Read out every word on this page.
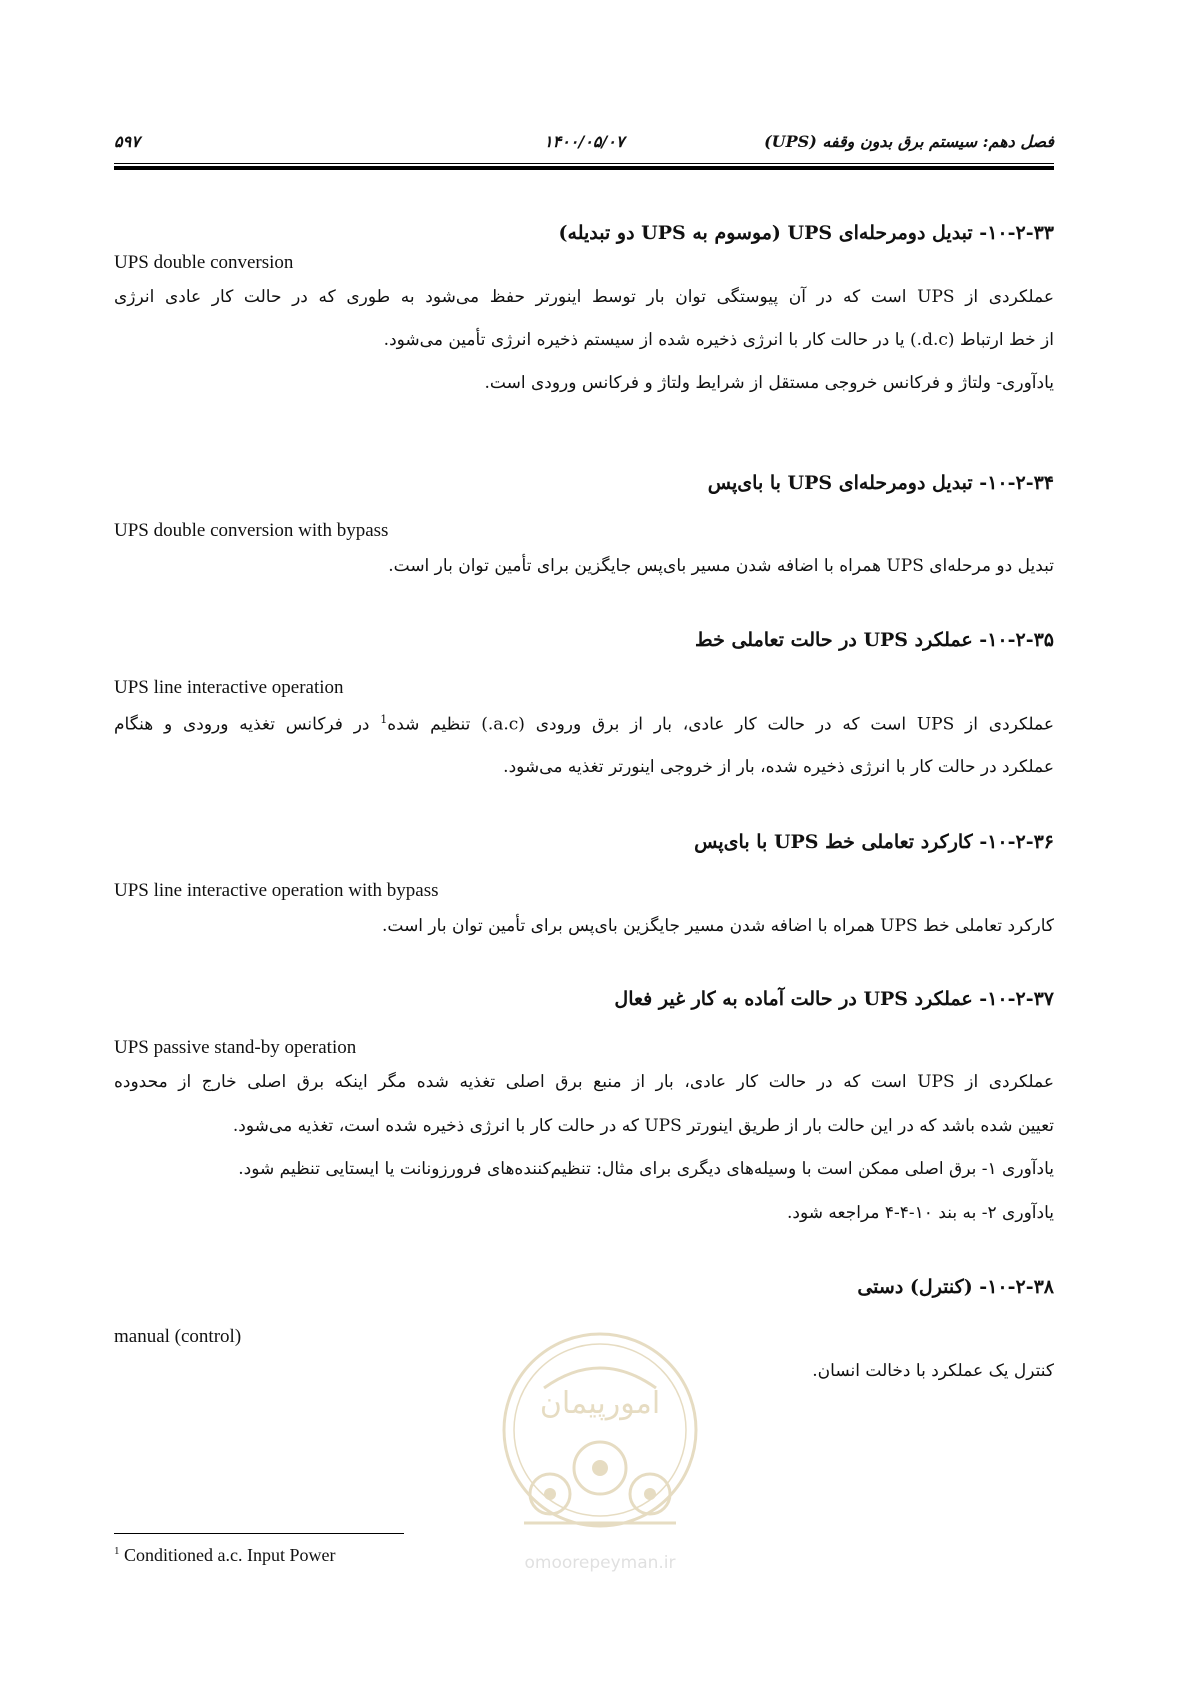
فصل دهم: سیستم برق بدون وقفه (UPS)
۱۴۰۰/۰۵/۰۷
۵۹۷
۱۰-۲-۳۳- تبدیل دومرحله‌ای UPS (موسوم به UPS دو تبدیله)
UPS double conversion
عملکردی از UPS است که در آن پیوستگی توان بار توسط اینورتر حفظ می‌شود به طوری که در حالت کار عادی انرژی
از خط ارتباط (d.c.) یا در حالت کار با انرژی ذخیره شده از سیستم ذخیره انرژی تأمین می‌شود.
یادآوری- ولتاژ و فرکانس خروجی مستقل از شرایط ولتاژ و فرکانس ورودی است.
۱۰-۲-۳۴- تبدیل دومرحله‌ای UPS با بای‌پس
UPS double conversion with bypass
تبدیل دو مرحله‌ای UPS همراه با اضافه شدن مسیر بای‌پس جایگزین برای تأمین توان بار است.
۱۰-۲-۳۵- عملکرد UPS در حالت تعاملی خط
UPS line interactive operation
عملکردی از UPS است که در حالت کار عادی، بار از برق ورودی (a.c.) تنظیم شده$^1$ در فرکانس تغذیه ورودی و هنگام
عملکرد در حالت کار با انرژی ذخیره شده، بار از خروجی اینورتر تغذیه می‌شود.
۱۰-۲-۳۶- کارکرد تعاملی خط UPS با بای‌پس
UPS line interactive operation with bypass
کارکرد تعاملی خط UPS همراه با اضافه شدن مسیر جایگزین بای‌پس برای تأمین توان بار است.
۱۰-۲-۳۷- عملکرد UPS در حالت آماده به کار غیر فعال
UPS passive stand-by operation
عملکردی از UPS است که در حالت کار عادی، بار از منبع برق اصلی تغذیه شده مگر اینکه برق اصلی خارج از محدوده
تعیین شده باشد که در این حالت بار از طریق اینورتر UPS که در حالت کار با انرژی ذخیره شده است، تغذیه می‌شود.
یادآوری ۱- برق اصلی ممکن است با وسیله‌های دیگری برای مثال: تنظیم‌کننده‌های فرورزونانت یا ایستایی تنظیم شود.
یادآوری ۲- به بند ۱۰-۴-۴ مراجعه شود.
۱۰-۲-۳۸- (کنترل) دستی
manual (control)
کنترل یک عملکرد با دخالت انسان.
امورپیمان
omoorepeyman.ir
$^1$ Conditioned a.c. Input Power
